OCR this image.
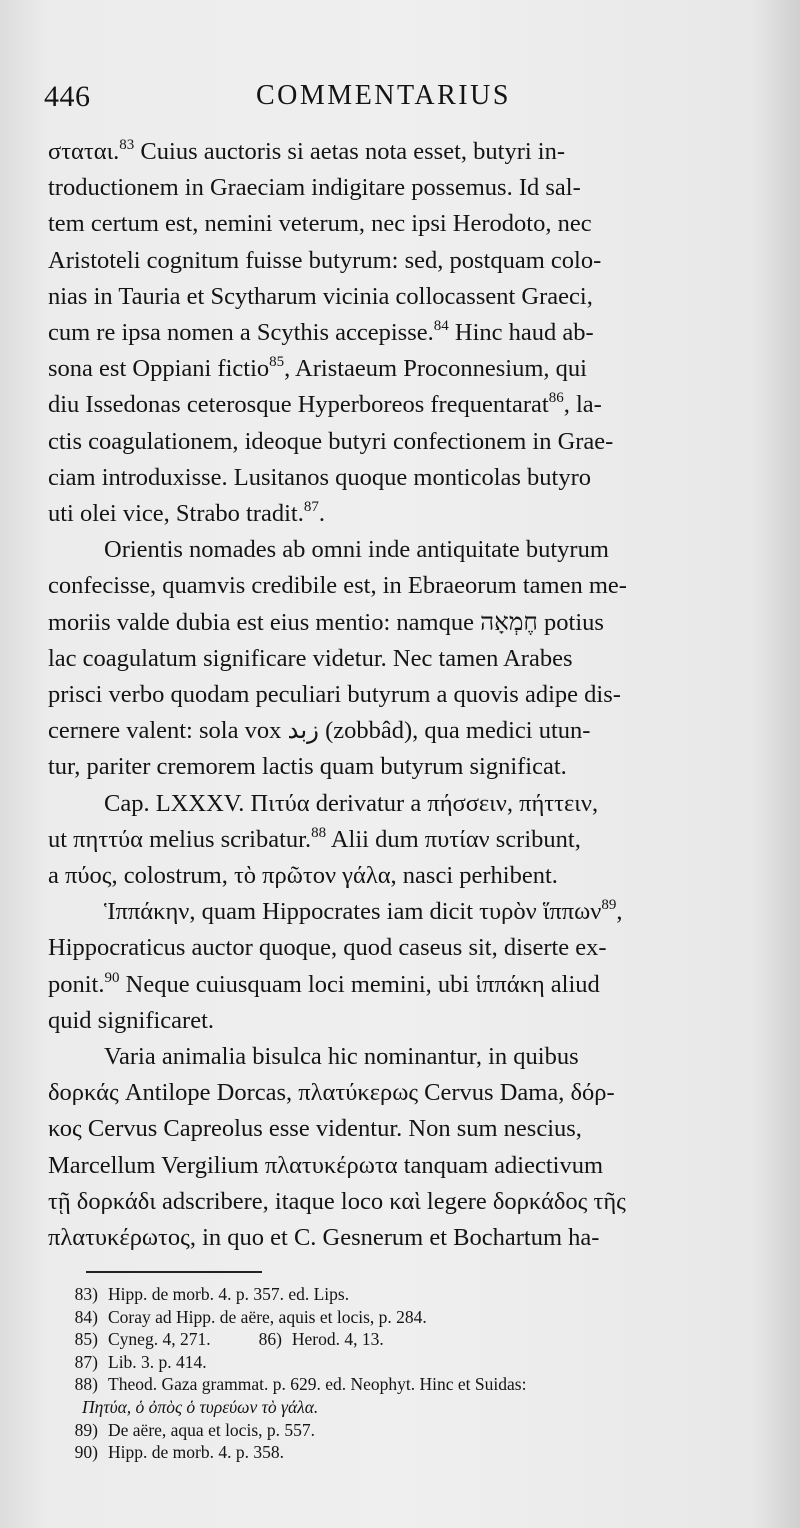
446	COMMENTARIUS
σταται.$^{83}$ Cuius auctoris si aetas nota esset, butyri in-
troductionem in Graeciam indigitare possemus. Id sal-
tem certum est, nemini veterum, nec ipsi Herodoto, nec
Aristoteli cognitum fuisse butyrum: sed, postquam colo-
nias in Tauria et Scytharum vicinia collocassent Graeci,
cum re ipsa nomen a Scythis accepisse.$^{84}$ Hinc haud ab-
sona est Oppiani fictio$^{85}$, Aristaeum Proconnesium, qui
diu Issedonas ceterosque Hyperboreos frequentarat$^{86}$, la-
ctis coagulationem, ideoque butyri confectionem in Grae-
ciam introduxisse. Lusitanos quoque monticolas butyro
uti olei vice, Strabo tradit.$^{87}$.
Orientis nomades ab omni inde antiquitate butyrum
confecisse, quamvis credibile est, in Ebraeorum tamen me-
moriis valde dubia est eius mentio: namque חֶמְאָה potius
lac coagulatum significare videtur. Nec tamen Arabes
prisci verbo quodam peculiari butyrum a quovis adipe dis-
cernere valent: sola vox زبد (zobbâd), qua medici utun-
tur, pariter cremorem lactis quam butyrum significat.
Cap. LXXXV. Πιτύα derivatur a πήσσειν, πήττειν,
ut πηττύα melius scribatur.$^{88}$ Alii dum πυτίαν scribunt,
a πύος, colostrum, τὸ πρῶτον γάλα, nasci perhibent.
Ἱππάκην, quam Hippocrates iam dicit τυρὸν ἵππων$^{89}$,
Hippocraticus auctor quoque, quod caseus sit, diserte ex-
ponit.$^{90}$ Neque cuiusquam loci memini, ubi ἱππάκη aliud
quid significaret.
Varia animalia bisulca hic nominantur, in quibus
δορκάς Antilope Dorcas, πλατύκερως Cervus Dama, δόρ-
κος Cervus Capreolus esse videntur. Non sum nescius,
Marcellum Vergilium πλατυκέρωτα tanquam adiectivum
τῇ δορκάδι adscribere, itaque loco καὶ legere δορκάδος τῆς
πλατυκέρωτος, in quo et C. Gesnerum et Bochartum ha-
83) Hipp. de morb. 4. p. 357. ed. Lips.
84) Coray ad Hipp. de aëre, aquis et locis, p. 284.
85) Cyneg. 4, 271.	86) Herod. 4, 13.
87) Lib. 3. p. 414.
88) Theod. Gaza grammat. p. 629. ed. Neophyt. Hinc et Suidas:
Πητύα, ὁ ὀπὸς ὁ τυρεύων τὸ γάλα.
89) De aëre, aqua et locis, p. 557.
90) Hipp. de morb. 4. p. 358.
